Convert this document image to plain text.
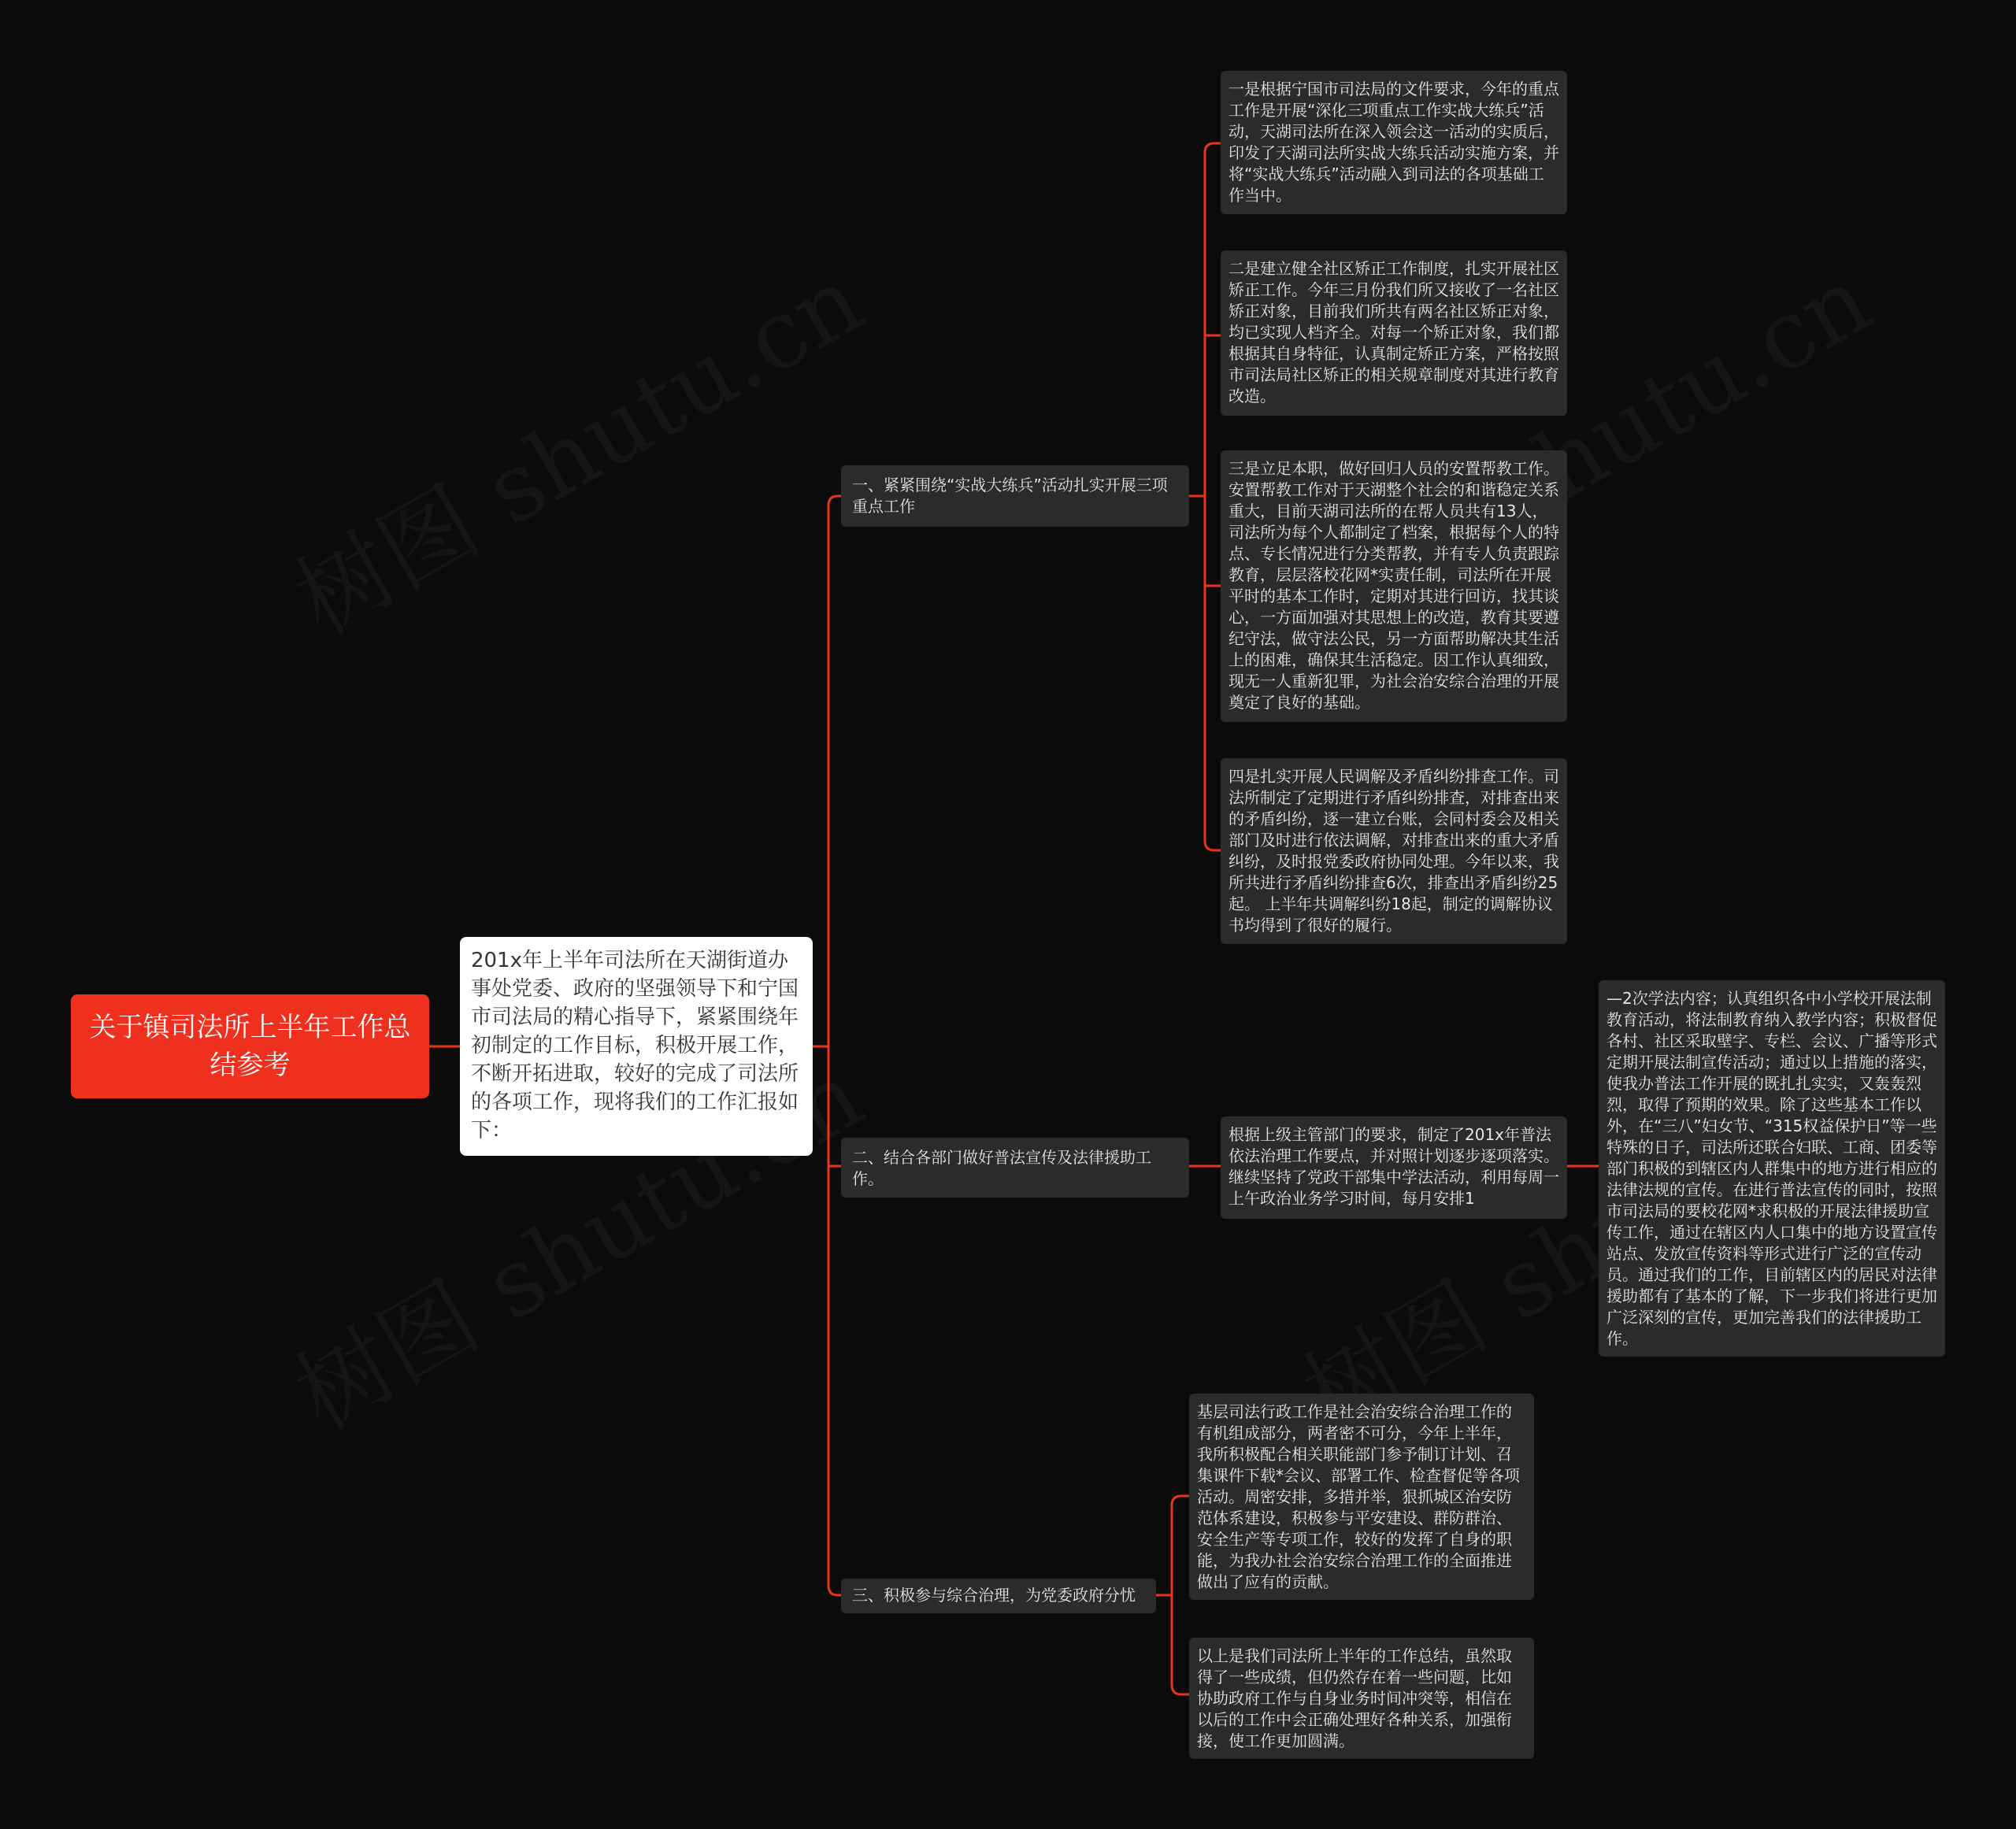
关于镇司法所上半年工作总结参考
201x年上半年司法所在天湖街道办事处党委、政府的坚强领导下和宁国市司法局的精心指导下，紧紧围绕年初制定的工作目标，积极开展工作，不断开拓进取，较好的完成了司法所的各项工作，现将我们的工作汇报如下：
一、紧紧围绕“实战大练兵”活动扎实开展三项重点工作
一是根据宁国市司法局的文件要求，今年的重点工作是开展“深化三项重点工作实战大练兵”活动，天湖司法所在深入领会这一活动的实质后，印发了天湖司法所实战大练兵活动实施方案，并将“实战大练兵”活动融入到司法的各项基础工作当中。
二是建立健全社区矫正工作制度，扎实开展社区矫正工作。今年三月份我们所又接收了一名社区矫正对象，目前我们所共有两名社区矫正对象，均已实现人档齐全。对每一个矫正对象，我们都根据其自身特征，认真制定矫正方案，严格按照市司法局社区矫正的相关规章制度对其进行教育改造。
三是立足本职，做好回归人员的安置帮教工作。安置帮教工作对于天湖整个社会的和谐稳定关系重大，目前天湖司法所的在帮人员共有13人，司法所为每个人都制定了档案，根据每个人的特点、专长情况进行分类帮教，并有专人负责跟踪教育，层层落校花网*实责任制，司法所在开展平时的基本工作时，定期对其进行回访，找其谈心，一方面加强对其思想上的改造，教育其要遵纪守法，做守法公民，另一方面帮助解决其生活上的困难，确保其生活稳定。因工作认真细致，现无一人重新犯罪，为社会治安综合治理的开展奠定了良好的基础。
四是扎实开展人民调解及矛盾纠纷排查工作。司法所制定了定期进行矛盾纠纷排查，对排查出来的矛盾纠纷，逐一建立台账，会同村委会及相关部门及时进行依法调解，对排查出来的重大矛盾纠纷，及时报党委政府协同处理。今年以来，我所共进行矛盾纠纷排查6次，排查出矛盾纠纷25起。 上半年共调解纠纷18起，制定的调解协议书均得到了很好的履行。
二、结合各部门做好普法宣传及法律援助工作。
根据上级主管部门的要求，制定了201x年普法依法治理工作要点，并对照计划逐步逐项落实。继续坚持了党政干部集中学法活动，利用每周一上午政治业务学习时间，每月安排1
—2次学法内容；认真组织各中小学校开展法制教育活动，将法制教育纳入教学内容；积极督促各村、社区采取壁字、专栏、会议、广播等形式定期开展法制宣传活动；通过以上措施的落实，使我办普法工作开展的既扎扎实实，又轰轰烈烈，取得了预期的效果。除了这些基本工作以外，在“三八”妇女节、“315权益保护日”等一些特殊的日子，司法所还联合妇联、工商、团委等部门积极的到辖区内人群集中的地方进行相应的法律法规的宣传。在进行普法宣传的同时，按照市司法局的要校花网*求积极的开展法律援助宣传工作，通过在辖区内人口集中的地方设置宣传站点、发放宣传资料等形式进行广泛的宣传动员。通过我们的工作，目前辖区内的居民对法律援助都有了基本的了解，下一步我们将进行更加广泛深刻的宣传，更加完善我们的法律援助工作。
三、积极参与综合治理，为党委政府分忧
基层司法行政工作是社会治安综合治理工作的有机组成部分，两者密不可分，今年上半年，我所积极配合相关职能部门参予制订计划、召集课件下载*会议、部署工作、检查督促等各项活动。周密安排，多措并举，狠抓城区治安防范体系建设，积极参与平安建设、群防群治、安全生产等专项工作，较好的发挥了自身的职能，为我办社会治安综合治理工作的全面推进做出了应有的贡献。
以上是我们司法所上半年的工作总结，虽然取得了一些成绩，但仍然存在着一些问题，比如协助政府工作与自身业务时间冲突等，相信在以后的工作中会正确处理好各种关系，加强衔接，使工作更加圆满。
